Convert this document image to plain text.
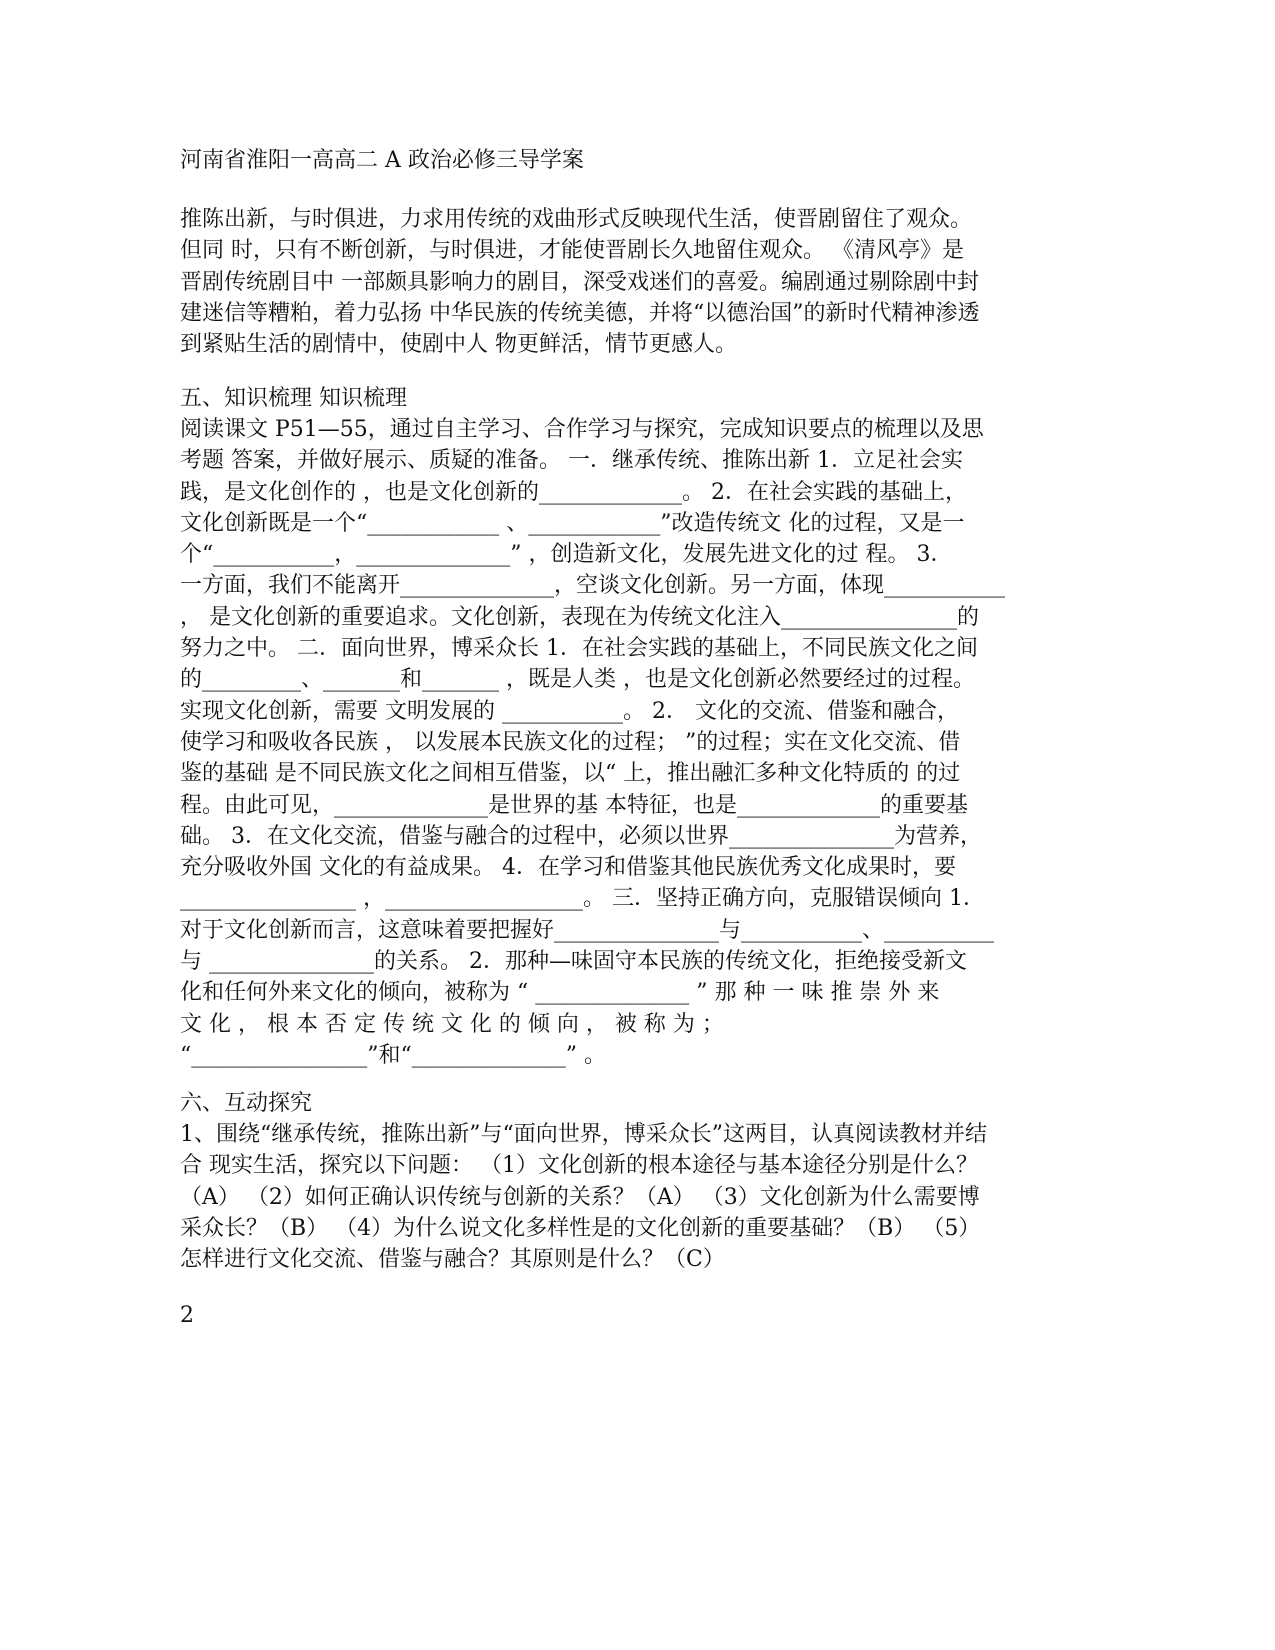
河南省淮阳一高高二 A 政治必修三导学案
推陈出新，与时俱进，力求用传统的戏曲形式反映现代生活，使晋剧留住了观众。
但同 时，只有不断创新，与时俱进，才能使晋剧长久地留住观众。 《清风亭》是
晋剧传统剧目中 一部颇具影响力的剧目，深受戏迷们的喜爱。编剧通过剔除剧中封
建迷信等糟粕，着力弘扬 中华民族的传统美德，并将“以德治国”的新时代精神渗透
到紧贴生活的剧情中，使剧中人 物更鲜活，情节更感人。
五、知识梳理 知识梳理
阅读课文 P51—55，通过自主学习、合作学习与探究，完成知识要点的梳理以及思
考题 答案，并做好展示、质疑的准备。 一．继承传统、推陈出新 1．立足社会实
践，是文化创作的 ，也是文化创新的_____________。 2．在社会实践的基础上，
文化创新既是一个“____________ 、____________”改造传统文 化的过程，又是一
个“___________，______________” ，创造新文化，发展先进文化的过 程。 3．
一方面，我们不能离开______________，空谈文化创新。另一方面，体现___________
， 是文化创新的重要追求。文化创新，表现在为传统文化注入________________的
努力之中。 二．面向世界，博采众长 1．在社会实践的基础上，不同民族文化之间
的_________、_______和_______ ，既是人类 ，也是文化创新必然要经过的过程。
实现文化创新，需要 文明发展的 ___________。 2． 文化的交流、借鉴和融合，
使学习和吸收各民族 ， 以发展本民族文化的过程； ”的过程；实在文化交流、借
鉴的基础 是不同民族文化之间相互借鉴，以“ 上，推出融汇多种文化特质的 的过
程。由此可见，______________是世界的基 本特征，也是_____________的重要基
础。 3．在文化交流，借鉴与融合的过程中，必须以世界_______________为营养，
充分吸收外国 文化的有益成果。 4．在学习和借鉴其他民族优秀文化成果时，要
________________ ，__________________。 三．坚持正确方向，克服错误倾向 1．
对于文化创新而言，这意味着要把握好_______________与___________、__________
与 _______________的关系。 2．那种—味固守本民族的传统文化，拒绝接受新文
化和任何外来文化的倾向，被称为 “ ______________ ” 那 种 一 味 推 崇 外 来
文 化 ， 根 本 否 定 传 统 文 化 的 倾 向 ， 被 称 为 ；
“________________”和“______________” 。
六、互动探究
1、围绕“继承传统，推陈出新”与“面向世界，博采众长”这两目，认真阅读教材并结
合 现实生活，探究以下问题： （1）文化创新的根本途径与基本途径分别是什么？
（A） （2）如何正确认识传统与创新的关系？（A） （3）文化创新为什么需要博
采众长？（B） （4）为什么说文化多样性是的文化创新的重要基础？（B） （5）
怎样进行文化交流、借鉴与融合？其原则是什么？（C）
2
